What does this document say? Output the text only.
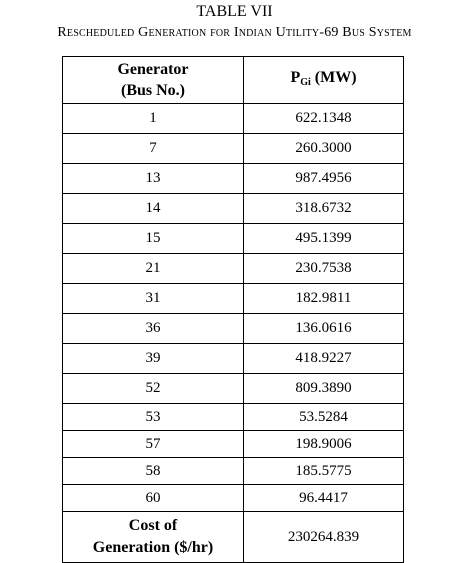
TABLE VII
Rescheduled Generation for Indian Utility-69 Bus System
Generator
(Bus No.)	$P_{Gi}$ (MW)
1	622.1348
7	260.3000
13	987.4956
14	318.6732
15	495.1399
21	230.7538
31	182.9811
36	136.0616
39	418.9227
52	809.3890
53	53.5284
57	198.9006
58	185.5775
60	96.4417
Cost of
Generation ($/hr)	230264.839
